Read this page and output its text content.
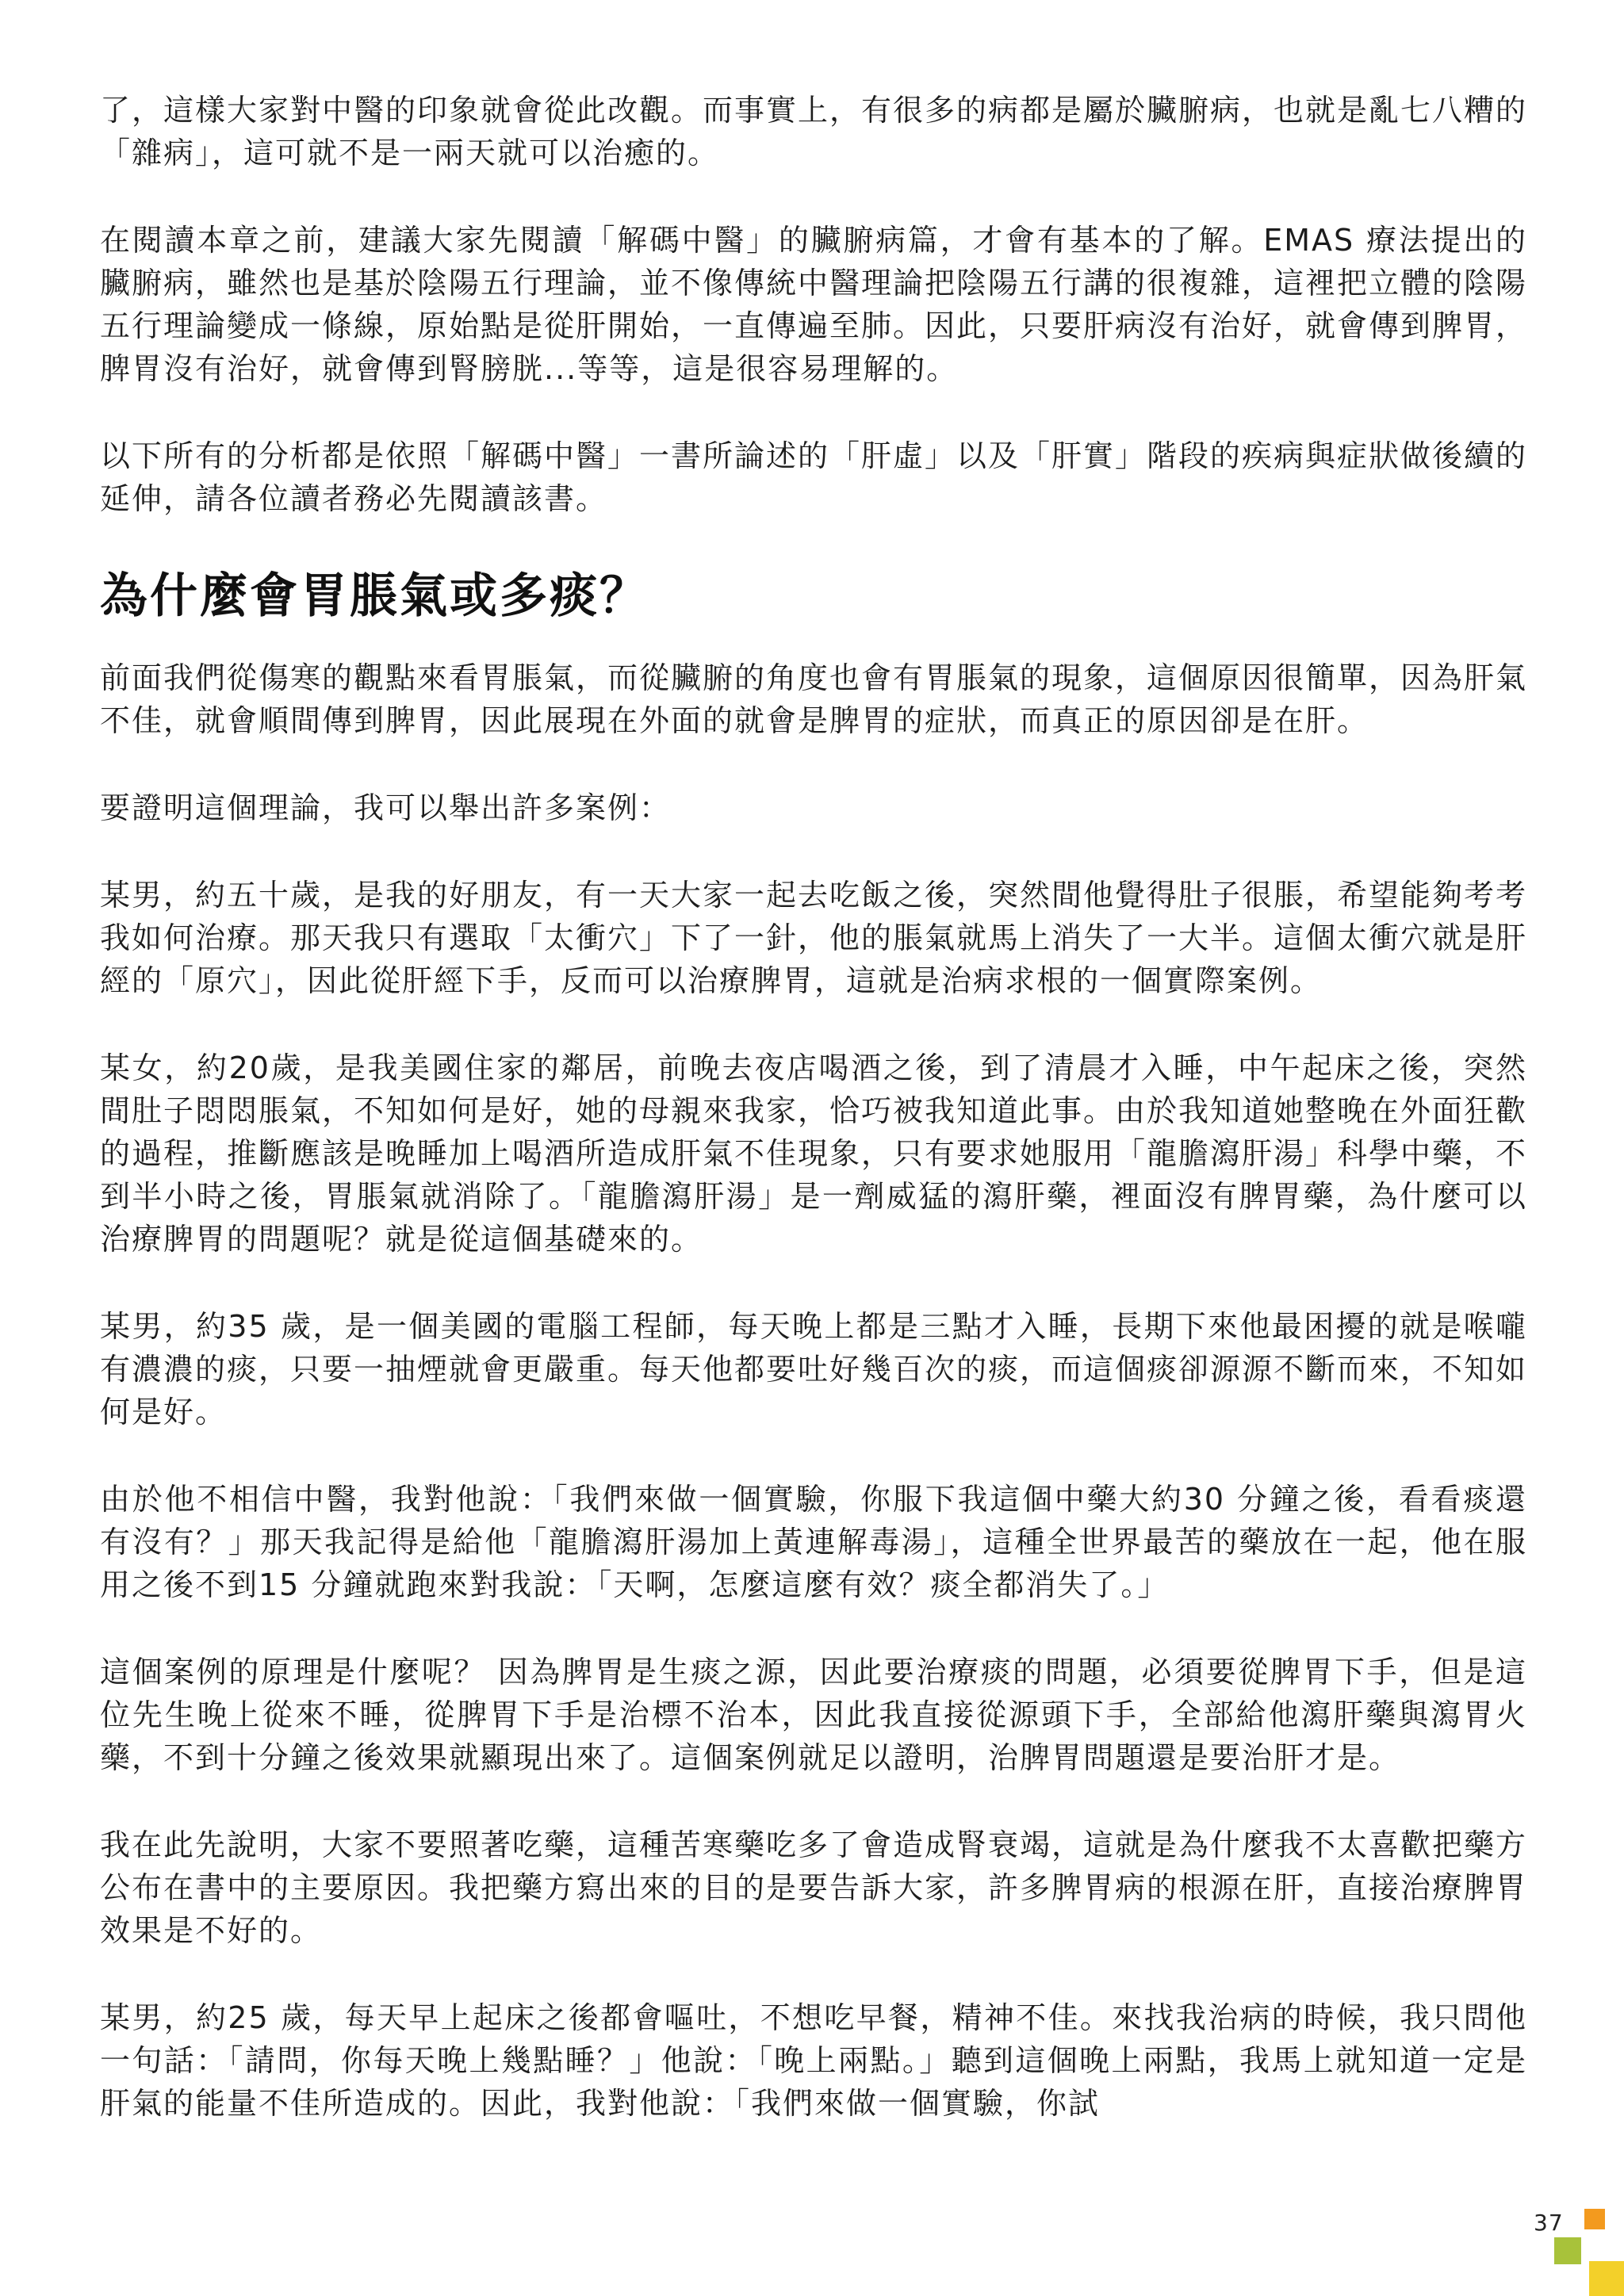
了，這樣大家對中醫的印象就會從此改觀。而事實上，有很多的病都是屬於臟腑病，也就是亂七八糟的「雜病」，這可就不是一兩天就可以治癒的。

在閱讀本章之前，建議大家先閱讀「解碼中醫」的臟腑病篇，才會有基本的了解。EMAS 療法提出的臟腑病，雖然也是基於陰陽五行理論，並不像傳統中醫理論把陰陽五行講的很複雜，這裡把立體的陰陽五行理論變成一條線，原始點是從肝開始，一直傳遍至肺。因此，只要肝病沒有治好，就會傳到脾胃，脾胃沒有治好，就會傳到腎膀胱...等等，這是很容易理解的。

以下所有的分析都是依照「解碼中醫」一書所論述的「肝虛」以及「肝實」階段的疾病與症狀做後續的延伸，請各位讀者務必先閱讀該書。

為什麼會胃脹氣或多痰？

前面我們從傷寒的觀點來看胃脹氣，而從臟腑的角度也會有胃脹氣的現象，這個原因很簡單，因為肝氣不佳，就會順間傳到脾胃，因此展現在外面的就會是脾胃的症狀，而真正的原因卻是在肝。

要證明這個理論，我可以舉出許多案例：

某男，約五十歲，是我的好朋友，有一天大家一起去吃飯之後，突然間他覺得肚子很脹，希望能夠考考我如何治療。那天我只有選取「太衝穴」下了一針，他的脹氣就馬上消失了一大半。這個太衝穴就是肝經的「原穴」，因此從肝經下手，反而可以治療脾胃，這就是治病求根的一個實際案例。

某女，約20歲，是我美國住家的鄰居，前晚去夜店喝酒之後，到了清晨才入睡，中午起床之後，突然間肚子悶悶脹氣，不知如何是好，她的母親來我家，恰巧被我知道此事。由於我知道她整晚在外面狂歡的過程，推斷應該是晚睡加上喝酒所造成肝氣不佳現象，只有要求她服用「龍膽瀉肝湯」科學中藥，不到半小時之後，胃脹氣就消除了。「龍膽瀉肝湯」是一劑威猛的瀉肝藥，裡面沒有脾胃藥，為什麼可以治療脾胃的問題呢？就是從這個基礎來的。

某男，約35 歲，是一個美國的電腦工程師，每天晚上都是三點才入睡，長期下來他最困擾的就是喉嚨有濃濃的痰，只要一抽煙就會更嚴重。每天他都要吐好幾百次的痰，而這個痰卻源源不斷而來，不知如何是好。

由於他不相信中醫，我對他說：「我們來做一個實驗，你服下我這個中藥大約30 分鐘之後，看看痰還有沒有？」那天我記得是給他「龍膽瀉肝湯加上黃連解毒湯」，這種全世界最苦的藥放在一起，他在服用之後不到15 分鐘就跑來對我說：「天啊，怎麼這麼有效？痰全都消失了。」

這個案例的原理是什麼呢？ 因為脾胃是生痰之源，因此要治療痰的問題，必須要從脾胃下手，但是這位先生晚上從來不睡，從脾胃下手是治標不治本，因此我直接從源頭下手，全部給他瀉肝藥與瀉胃火藥，不到十分鐘之後效果就顯現出來了。這個案例就足以證明，治脾胃問題還是要治肝才是。

我在此先說明，大家不要照著吃藥，這種苦寒藥吃多了會造成腎衰竭，這就是為什麼我不太喜歡把藥方公布在書中的主要原因。我把藥方寫出來的目的是要告訴大家，許多脾胃病的根源在肝，直接治療脾胃效果是不好的。

某男，約25 歲，每天早上起床之後都會嘔吐，不想吃早餐，精神不佳。來找我治病的時候，我只問他一句話：「請問，你每天晚上幾點睡？」他說：「晚上兩點。」聽到這個晚上兩點，我馬上就知道一定是肝氣的能量不佳所造成的。因此，我對他說：「我們來做一個實驗，你試

37
